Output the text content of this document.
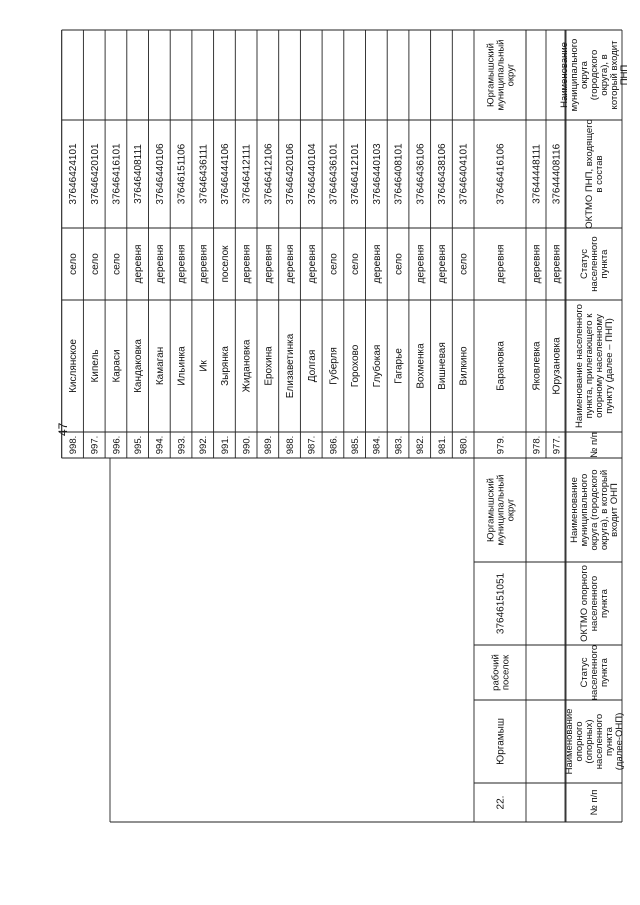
47
№ п/п
Наименованиеопорного(опорных)населенногопункта(далее-ОНП)
Статуснаселенногопункта
ОКТМО опорногонаселенногопункта
Наименованиемуниципальногоокруга (городскогоокруга), в которыйвходит ОНП
№ п/п
Наименование населенногопункта, прилегающего копорному населенномупункту (далее – ПНП)
Статуснаселенногопункта
ОКТМО ПНП, входящегов состав
Наименованиемуниципальногоокруга(городскогоокруга), вкоторый входитПНП
22.
Юргамыш
рабочийпоселок
37646151051
Юргамышскиймуниципальныйокруг
Юргамышскиймуниципальныйокруг
977.
Юрузановка
деревня
37644408116
978.
Яковлевка
деревня
37644448111
979.
Барановка
деревня
37646416106
980.
Вилкино
село
37646404101
981.
Вишневая
деревня
37646438106
982.
Вохменка
деревня
37646436106
983.
Гагарье
село
37646408101
984.
Глубокая
деревня
37646440103
985.
Горохово
село
37646412101
986.
Губерля
село
37646436101
987.
Долгая
деревня
37646440104
988.
Елизаветинка
деревня
37646420106
989.
Ерохина
деревня
37646412106
990.
Жидановка
деревня
37646412111
991.
Зырянка
поселок
37646444106
992.
Ик
деревня
37646436111
993.
Ильинка
деревня
37646151106
994.
Камаган
деревня
37646440106
995.
Кандаковка
деревня
37646408111
996.
Караси
село
37646416101
997.
Кипель
село
37646420101
998.
Кислянское
село
37646424101
